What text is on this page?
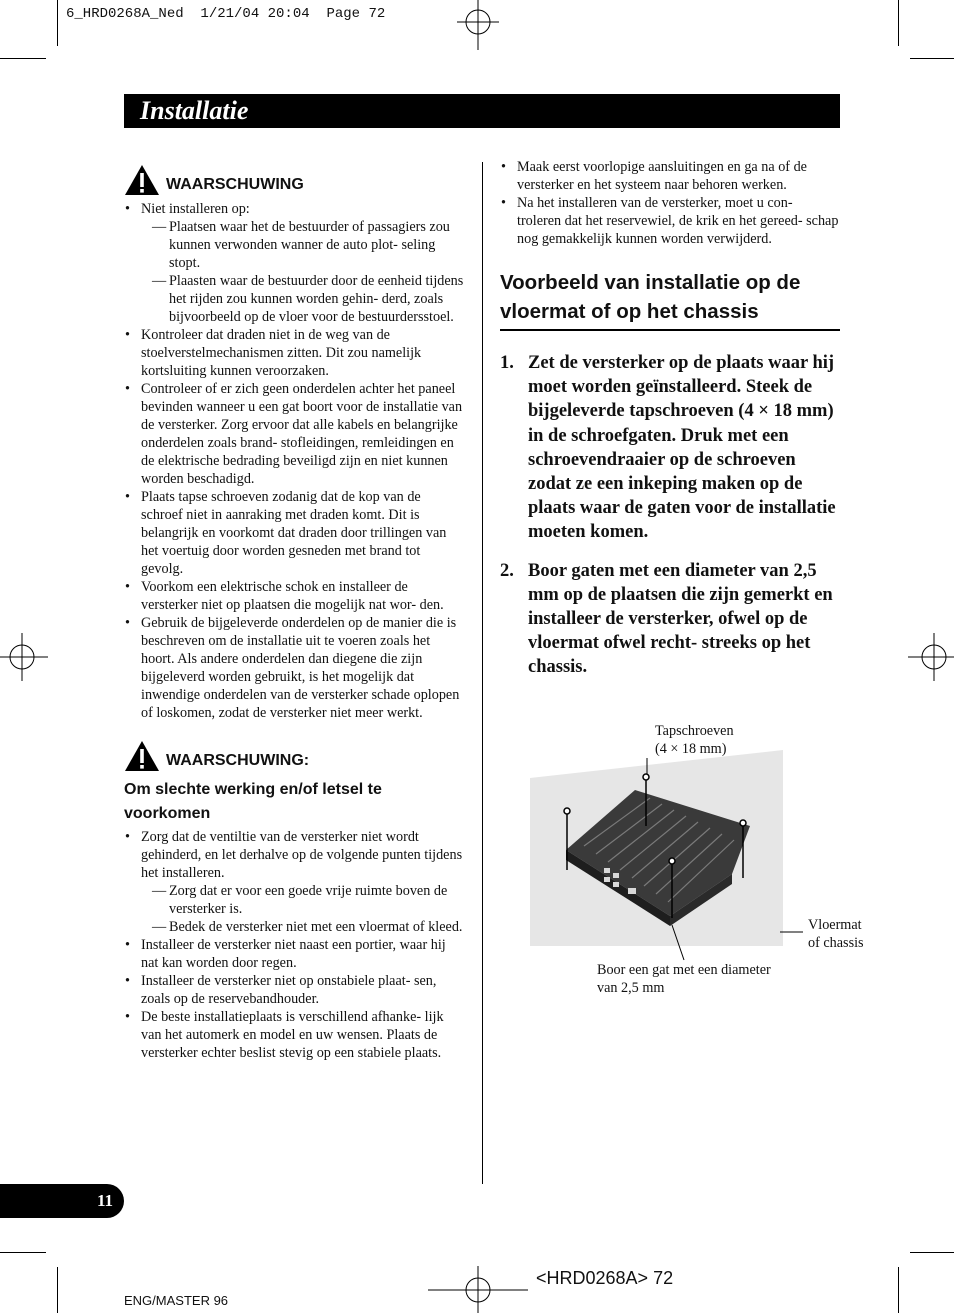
6_HRD0268A_Ned  1/21/04 20:04  Page 72
Installatie
WAARSCHUWING
• Niet installeren op:
— Plaatsen waar het de bestuurder of passagiers zou kunnen verwonden wanner de auto plot- seling stopt.
— Plaasten waar de bestuurder door de eenheid tijdens het rijden zou kunnen worden gehin- derd, zoals bijvoorbeeld op de vloer voor de bestuurdersstoel.
• Kontroleer dat draden niet in de weg van de stoelverstelmechanismen zitten. Dit zou namelijk kortsluiting kunnen veroorzaken.
• Controleer of er zich geen onderdelen achter het paneel bevinden wanneer u een gat boort voor de installatie van de versterker. Zorg ervoor dat alle kabels en belangrijke onderdelen zoals brand- stofleidingen, remleidingen en de elektrische bedrading beveiligd zijn en niet kunnen worden beschadigd.
• Plaats tapse schroeven zodanig dat de kop van de schroef niet in aanraking met draden komt. Dit is belangrijk en voorkomt dat draden door trillingen van het voertuig door worden gesneden met brand tot gevolg.
• Voorkom een elektrische schok en installeer de versterker niet op plaatsen die mogelijk nat wor- den.
• Gebruik de bijgeleverde onderdelen op de manier die is beschreven om de installatie uit te voeren zoals het hoort. Als andere onderdelen dan diegene die zijn bijgeleverd worden gebruikt, is het mogelijk dat inwendige onderdelen van de versterker schade oplopen of loskomen, zodat de versterker niet meer werkt.
WAARSCHUWING:
Om slechte werking en/of letsel te voorkomen
• Zorg dat de ventiltie van de versterker niet wordt gehinderd, en let derhalve op de volgende punten tijdens het installeren.
— Zorg dat er voor een goede vrije ruimte boven de versterker is.
— Bedek de versterker niet met een vloermat of kleed.
• Installeer de versterker niet naast een portier, waar hij nat kan worden door regen.
• Installeer de versterker niet op onstabiele plaat- sen, zoals op de reservebandhouder.
• De beste installatieplaats is verschillend afhanke- lijk van het automerk en model en uw wensen. Plaats de versterker echter beslist stevig op een stabiele plaats.
• Maak eerst voorlopige aansluitingen en ga na of de versterker en het systeem naar behoren werken.
• Na het installeren van de versterker, moet u con- troleren dat het reservewiel, de krik en het gereed- schap nog gemakkelijk kunnen worden verwijderd.
Voorbeeld van installatie op de vloermat of op het chassis
1. Zet de versterker op de plaats waar hij moet worden geïnstalleerd. Steek de bijgeleverde tapschroeven (4 × 18 mm) in de schroefgaten. Druk met een schroevendraaier op de schroeven zodat ze een inkeping maken op de plaats waar de gaten voor de installatie moeten komen.
2. Boor gaten met een diameter van 2,5 mm op de plaatsen die zijn gemerkt en installeer de versterker, ofwel op de vloermat ofwel recht- streeks op het chassis.
Tapschroeven
(4 × 18 mm)
Vloermat
of chassis
Boor een gat met een diameter
van 2,5 mm
11
ENG/MASTER 96
<HRD0268A> 72
